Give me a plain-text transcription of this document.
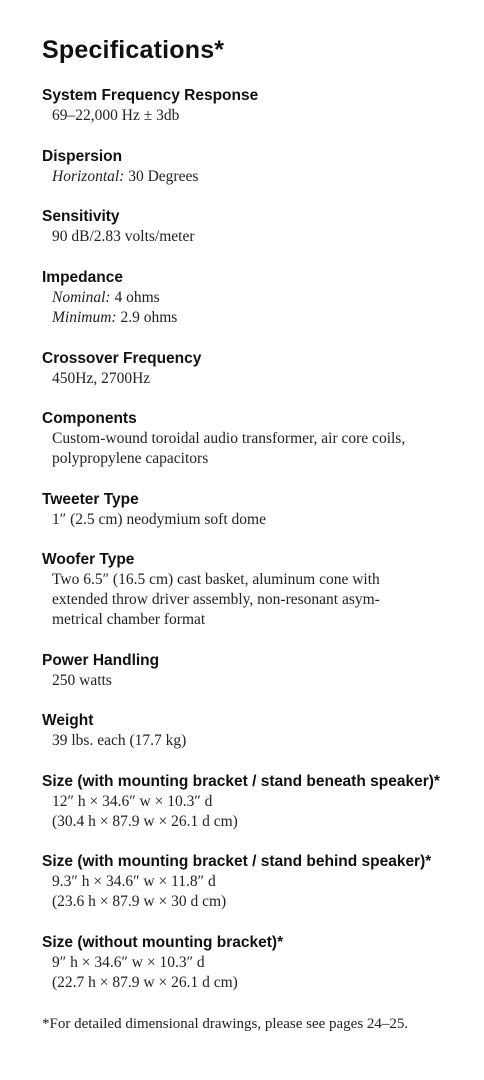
Specifications*
System Frequency Response
69–22,000 Hz ± 3db
Dispersion
Horizontal: 30 Degrees
Sensitivity
90 dB/2.83 volts/meter
Impedance
Nominal: 4 ohms
Minimum: 2.9 ohms
Crossover Frequency
450Hz, 2700Hz
Components
Custom-wound toroidal audio transformer, air core coils,
polypropylene capacitors
Tweeter Type
1″ (2.5 cm) neodymium soft dome
Woofer Type
Two 6.5″ (16.5 cm) cast basket, aluminum cone with
extended throw driver assembly, non-resonant asym-
metrical chamber format
Power Handling
250 watts
Weight
39 lbs. each (17.7 kg)
Size (with mounting bracket / stand beneath speaker)*
12″ h × 34.6″ w × 10.3″ d
(30.4 h × 87.9 w × 26.1 d cm)
Size (with mounting bracket / stand behind speaker)*
9.3″ h × 34.6″ w × 11.8″ d
(23.6 h × 87.9 w × 30 d cm)
Size (without mounting bracket)*
9″ h × 34.6″ w × 10.3″ d
(22.7 h × 87.9 w × 26.1 d cm)
*For detailed dimensional drawings, please see pages 24–25.
